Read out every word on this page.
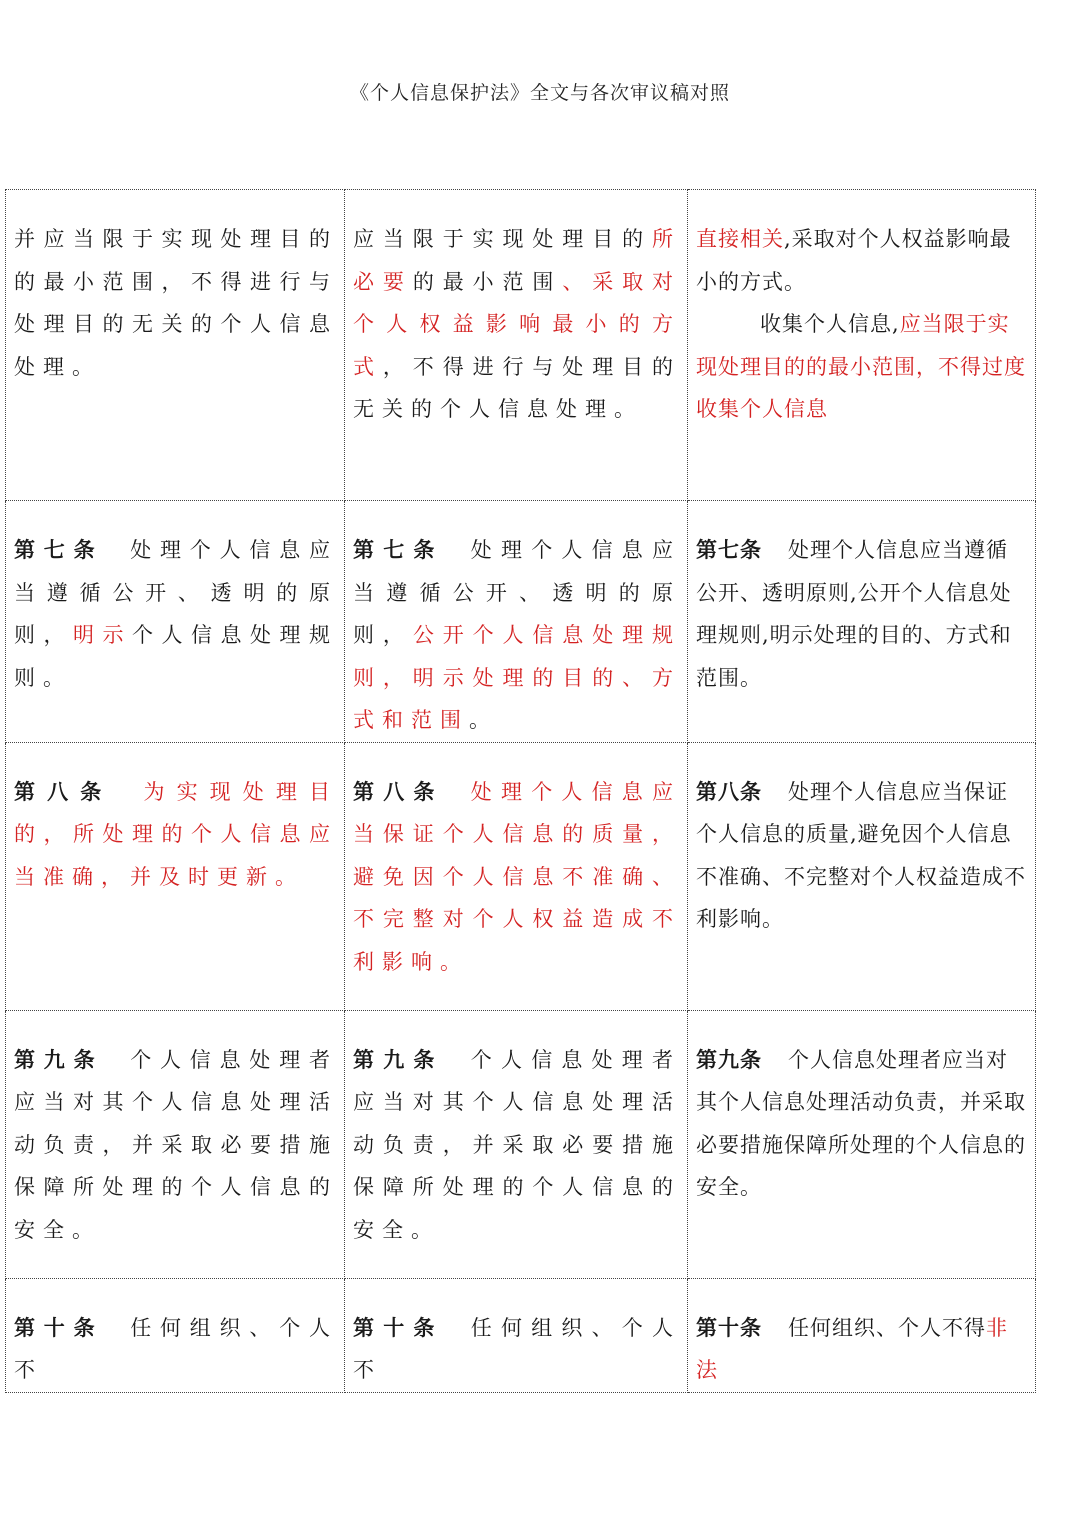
《个人信息保护法》全文与各次审议稿对照
并应当限于实现处理目的的最小范围，不得进行与处理目的无关的个人信息处理。	应当限于实现处理目的所必要的最小范围、采取对个人权益影响最小的方式，不得进行与处理目的无关的个人信息处理。	直接相关,采取对个人权益影响最小的方式。
收集个人信息,应当限于实现处理目的的最小范围，不得过度收集个人信息
第七条 处理个人信息应当遵循公开、透明的原则，明示个人信息处理规则。	第七条 处理个人信息应当遵循公开、透明的原则，公开个人信息处理规则，明示处理的目的、方式和范围。	第七条 处理个人信息应当遵循公开、透明原则,公开个人信息处理规则,明示处理的目的、方式和范围。
第八条 为实现处理目的，所处理的个人信息应当准确，并及时更新。	第八条 处理个人信息应当保证个人信息的质量，避免因个人信息不准确、不完整对个人权益造成不利影响。	第八条 处理个人信息应当保证个人信息的质量,避免因个人信息不准确、不完整对个人权益造成不利影响。
第九条 个人信息处理者应当对其个人信息处理活动负责，并采取必要措施保障所处理的个人信息的安全。	第九条 个人信息处理者应当对其个人信息处理活动负责，并采取必要措施保障所处理的个人信息的安全。	第九条 个人信息处理者应当对其个人信息处理活动负责，并采取必要措施保障所处理的个人信息的安全。
第十条 任何组织、个人不	第十条 任何组织、个人不	第十条 任何组织、个人不得非法
